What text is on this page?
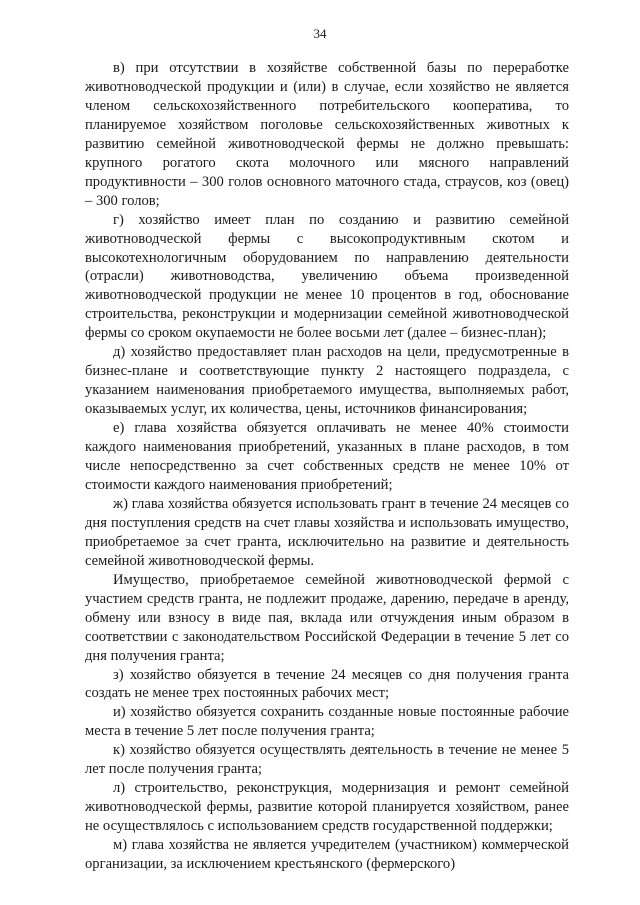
34

в) при отсутствии в хозяйстве собственной базы по переработке животноводческой продукции и (или) в случае, если хозяйство не является членом сельскохозяйственного потребительского кооператива, то планируемое хозяйством поголовье сельскохозяйственных животных к развитию семейной животноводческой фермы не должно превышать: крупного рогатого скота молочного или мясного направлений продуктивности – 300 голов основного маточного стада, страусов, коз (овец) – 300 голов;

г) хозяйство имеет план по созданию и развитию семейной животноводческой фермы с высокопродуктивным скотом и высокотехнологичным оборудованием по направлению деятельности (отрасли) животноводства, увеличению объема произведенной животноводческой продукции не менее 10 процентов в год, обоснование строительства, реконструкции и модернизации семейной животноводческой фермы со сроком окупаемости не более восьми лет (далее – бизнес-план);

д) хозяйство предоставляет план расходов на цели, предусмотренные в бизнес-плане и соответствующие пункту 2 настоящего подраздела, с указанием наименования приобретаемого имущества, выполняемых работ, оказываемых услуг, их количества, цены, источников финансирования;

е) глава хозяйства обязуется оплачивать не менее 40% стоимости каждого наименования приобретений, указанных в плане расходов, в том числе непосредственно за счет собственных средств не менее 10% от стоимости каждого наименования приобретений;

ж) глава хозяйства обязуется использовать грант в течение 24 месяцев со дня поступления средств на счет главы хозяйства и использовать имущество, приобретаемое за счет гранта, исключительно на развитие и деятельность семейной животноводческой фермы.

Имущество, приобретаемое семейной животноводческой фермой с участием средств гранта, не подлежит продаже, дарению, передаче в аренду, обмену или взносу в виде пая, вклада или отчуждения иным образом в соответствии с законодательством Российской Федерации в течение 5 лет со дня получения гранта;

з) хозяйство обязуется в течение 24 месяцев со дня получения гранта создать не менее трех постоянных рабочих мест;

и) хозяйство обязуется сохранить созданные новые постоянные рабочие места в течение 5 лет после получения гранта;

к) хозяйство обязуется осуществлять деятельность в течение не менее 5 лет после получения гранта;

л) строительство, реконструкция, модернизация и ремонт семейной животноводческой фермы, развитие которой планируется хозяйством, ранее не осуществлялось с использованием средств государственной поддержки;

м) глава хозяйства не является учредителем (участником) коммерческой организации, за исключением крестьянского (фермерского)
